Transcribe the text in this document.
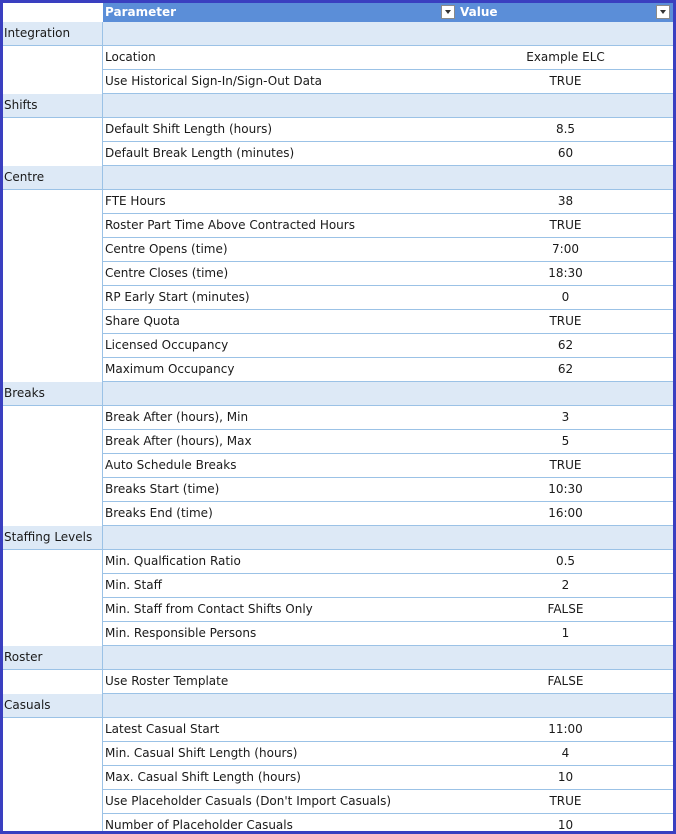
Parameter	Value
Integration
Location	Example ELC
Use Historical Sign-In/Sign-Out Data	TRUE
Shifts
Default Shift Length (hours)	8.5
Default Break Length (minutes)	60
Centre
FTE Hours	38
Roster Part Time Above Contracted Hours	TRUE
Centre Opens (time)	7:00
Centre Closes (time)	18:30
RP Early Start (minutes)	0
Share Quota	TRUE
Licensed Occupancy	62
Maximum Occupancy	62
Breaks
Break After (hours), Min	3
Break After (hours), Max	5
Auto Schedule Breaks	TRUE
Breaks Start (time)	10:30
Breaks End (time)	16:00
Staffing Levels
Min. Qualfication Ratio	0.5
Min. Staff	2
Min. Staff from Contact Shifts Only	FALSE
Min. Responsible Persons	1
Roster
Use Roster Template	FALSE
Casuals
Latest Casual Start	11:00
Min. Casual Shift Length (hours)	4
Max. Casual Shift Length (hours)	10
Use Placeholder Casuals (Don't Import Casuals)	TRUE
Number of Placeholder Casuals	10
